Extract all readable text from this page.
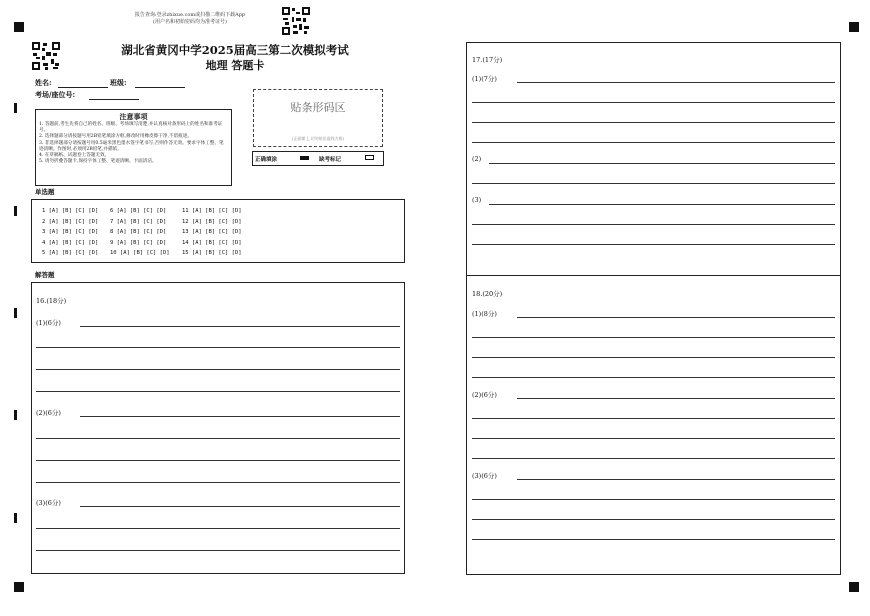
报告查询:登录zhixue.com或扫描二维码下载App
(用户名和初始密码均为准考证号)
湖北省黄冈中学2025届高三第二次模拟考试
地理 答题卡
姓名:	班级:
考场/座位号:
贴条形码区
(正面朝上,切勿贴出虚线方框)
正确填涂	缺考标记
注意事项
1. 答题前,考生先将自己的姓名、班级、考场填写清楚,并认真核对条形码上的姓名和准考证号。
2. 选择题部分请按题号用2B铅笔填涂方框,修改时用橡皮擦干净,不留痕迹。
3. 非选择题部分请按题号用0.5毫米黑色墨水签字笔书写,否则作答无效。要求字体工整、笔迹清晰。作图时,必须用2B铅笔,并描浓。
4. 在草稿纸、试题卷上答题无效。
5. 请勿折叠答题卡,保持字体工整、笔迹清晰、卡面清洁。
单选题
1 [A] [B] [C] [D]
2 [A] [B] [C] [D]
3 [A] [B] [C] [D]
4 [A] [B] [C] [D]
5 [A] [B] [C] [D]
6 [A] [B] [C] [D]
7 [A] [B] [C] [D]
8 [A] [B] [C] [D]
9 [A] [B] [C] [D]
10 [A] [B] [C] [D]
11 [A] [B] [C] [D]
12 [A] [B] [C] [D]
13 [A] [B] [C] [D]
14 [A] [B] [C] [D]
15 [A] [B] [C] [D]
解答题
16.(18分)
(1)(6分)
(2)(6分)
(3)(6分)
17.(17分)
(1)(7分)
(2)
(3)
18.(20分)
(1)(8分)
(2)(6分)
(3)(6分)
